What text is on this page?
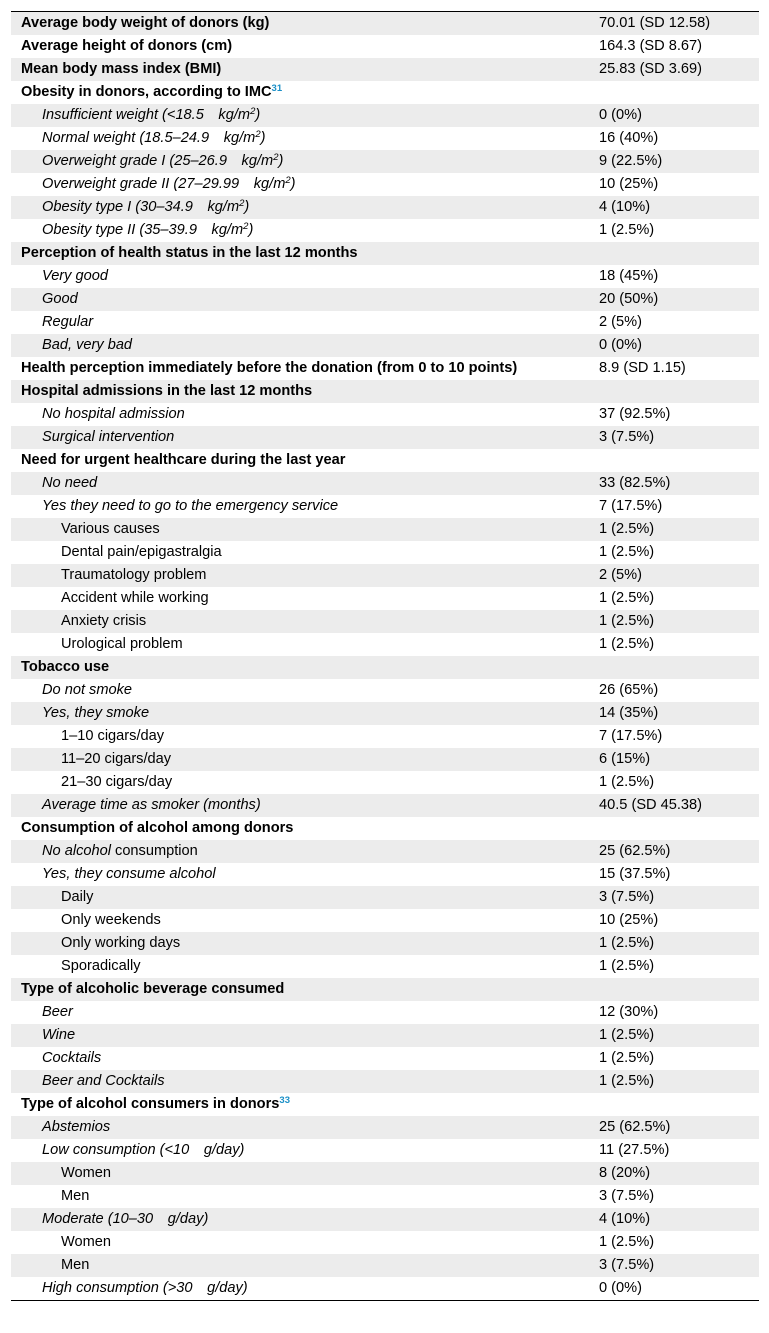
Average body weight of donors (kg)	70.01 (SD 12.58)
Average height of donors (cm)	164.3 (SD 8.67)
Mean body mass index (BMI)	25.83 (SD 3.69)
Obesity in donors, according to IMC$^{31}$	
Insufficient weight (<18.5  $kg/m^2$)	0 (0%)
Normal weight (18.5–24.9  $kg/m^2$)	16 (40%)
Overweight grade I (25–26.9  $kg/m^2$)	9 (22.5%)
Overweight grade II (27–29.99  $kg/m^2$)	10 (25%)
Obesity type I (30–34.9  $kg/m^2$)	4 (10%)
Obesity type II (35–39.9  $kg/m^2$)	1 (2.5%)
Perception of health status in the last 12 months	
Very good	18 (45%)
Good	20 (50%)
Regular	2 (5%)
Bad, very bad	0 (0%)
Health perception immediately before the donation (from 0 to 10 points)	8.9 (SD 1.15)
Hospital admissions in the last 12 months	
No hospital admission	37 (92.5%)
Surgical intervention	3 (7.5%)
Need for urgent healthcare during the last year	
No need	33 (82.5%)
Yes they need to go to the emergency service	7 (17.5%)
Various causes	1 (2.5%)
Dental pain/epigastralgia	1 (2.5%)
Traumatology problem	2 (5%)
Accident while working	1 (2.5%)
Anxiety crisis	1 (2.5%)
Urological problem	1 (2.5%)
Tobacco use	
Do not smoke	26 (65%)
Yes, they smoke	14 (35%)
1–10 cigars/day	7 (17.5%)
11–20 cigars/day	6 (15%)
21–30 cigars/day	1 (2.5%)
Average time as smoker (months)	40.5 (SD 45.38)
Consumption of alcohol among donors	
No alcohol consumption	25 (62.5%)
Yes, they consume alcohol	15 (37.5%)
Daily	3 (7.5%)
Only weekends	10 (25%)
Only working days	1 (2.5%)
Sporadically	1 (2.5%)
Type of alcoholic beverage consumed	
Beer	12 (30%)
Wine	1 (2.5%)
Cocktails	1 (2.5%)
Beer and Cocktails	1 (2.5%)
Type of alcohol consumers in donors$^{33}$	
Abstemios	25 (62.5%)
Low consumption (<10  g/day)	11 (27.5%)
Women	8 (20%)
Men	3 (7.5%)
Moderate (10–30  g/day)	4 (10%)
Women	1 (2.5%)
Men	3 (7.5%)
High consumption (>30  g/day)	0 (0%)
